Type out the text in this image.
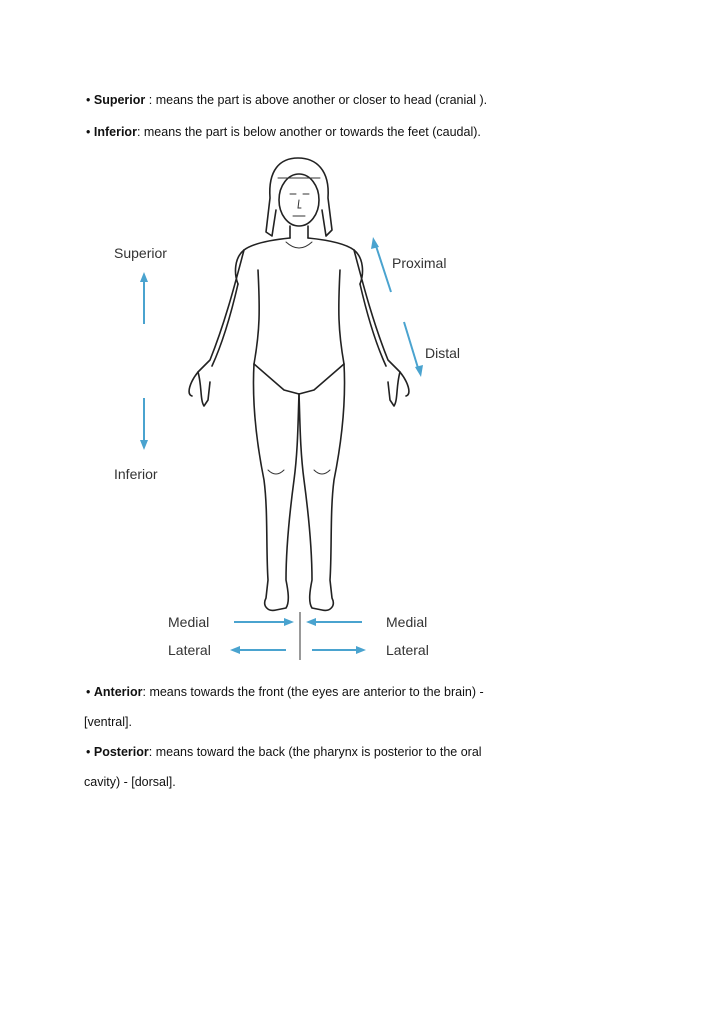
• Superior : means the part is above another or closer to head (cranial ).
• Inferior: means the part is below another or towards the feet (caudal).
Superior
Inferior
Proximal
Distal
Medial
Lateral
Medial
Lateral
• Anterior: means towards the front (the eyes are anterior to the brain) -
[ventral].
• Posterior: means toward the back (the pharynx is posterior to the oral
cavity) - [dorsal].
